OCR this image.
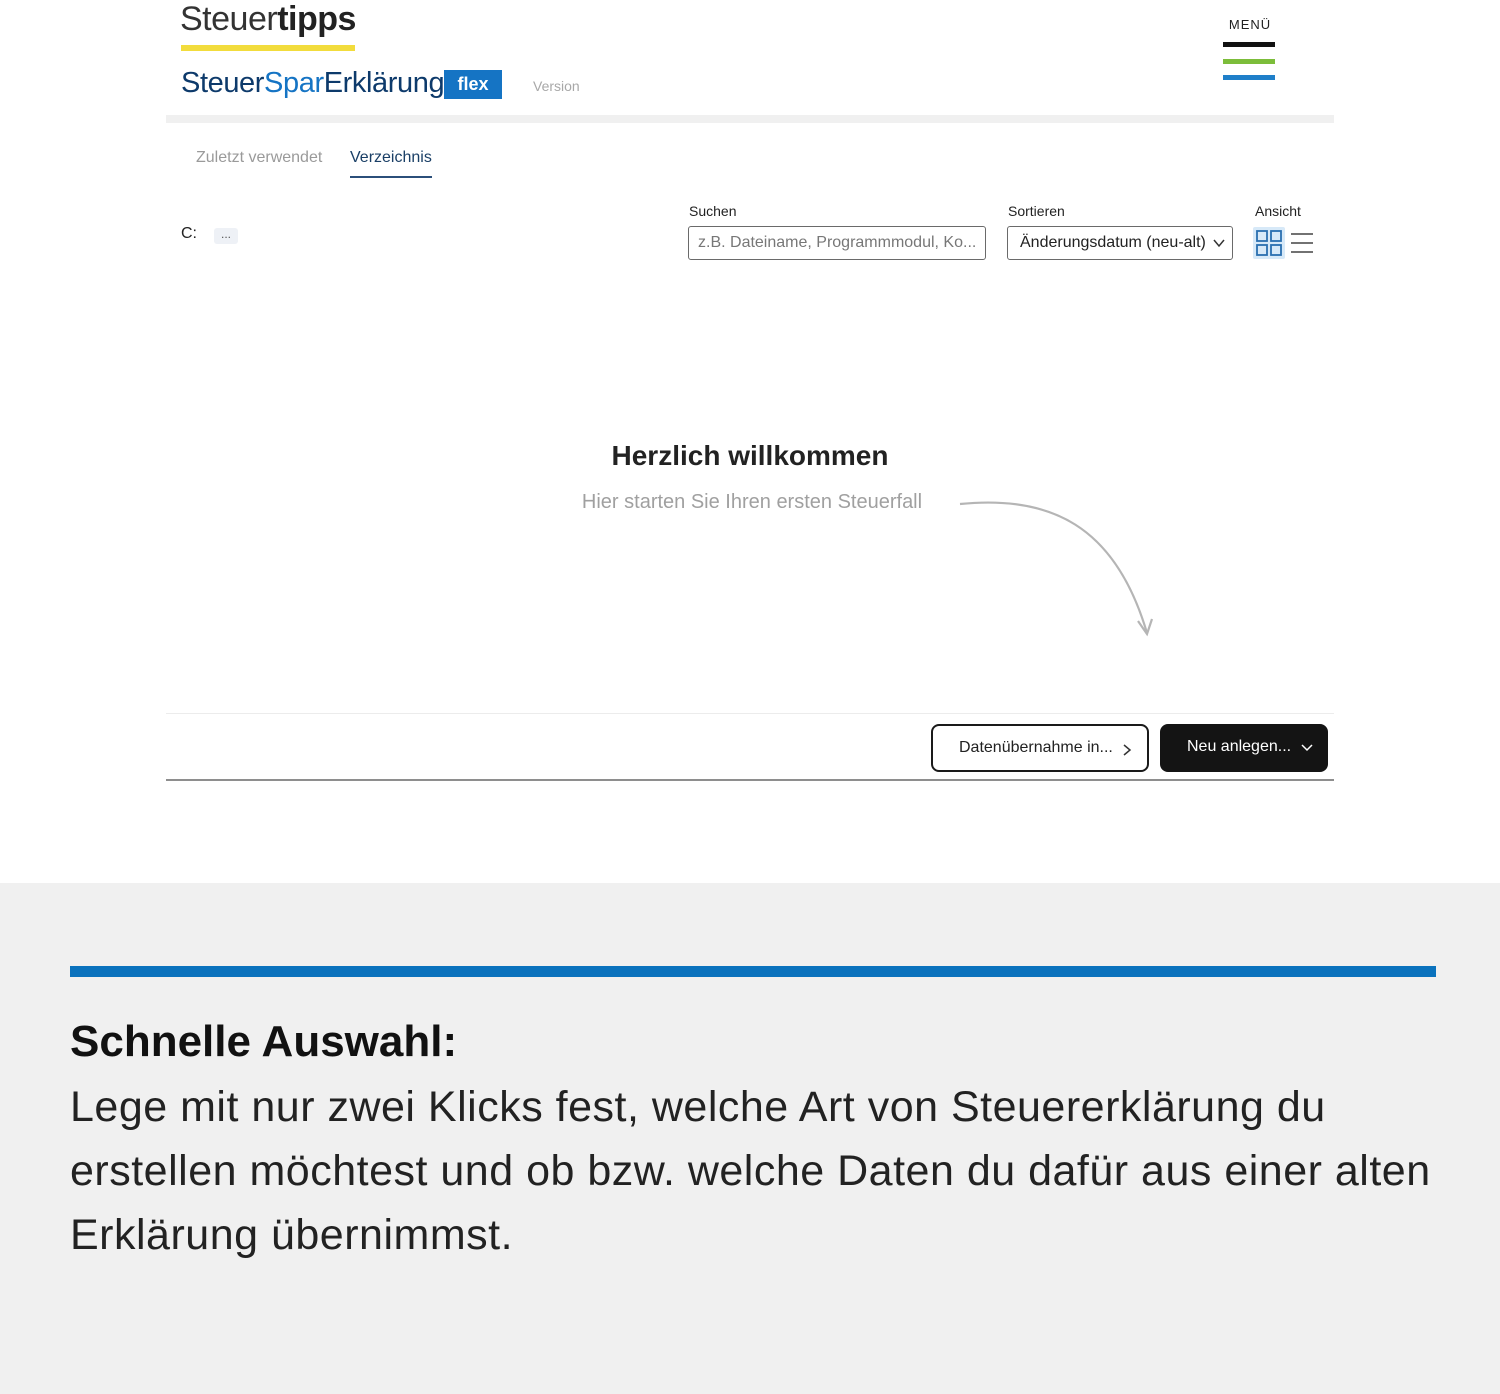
Steuertipps
SteuerSparErklärung flex	Version
MENÜ
Zuletzt verwendet Verzeichnis
C:	...
Suchen
z.B. Dateiname, Programmmodul, Ko...	Sortieren
Änderungsdatum (neu-alt)
Ansicht
Herzlich willkommen
Hier starten Sie Ihren ersten Steuerfall
Datenübernahme in...	Neu anlegen...
Schnelle Auswahl:
Lege mit nur zwei Klicks fest, welche Art von Steuererklärung du erstellen möchtest und ob bzw. welche Daten du dafür aus einer alten Erklärung übernimmst.
